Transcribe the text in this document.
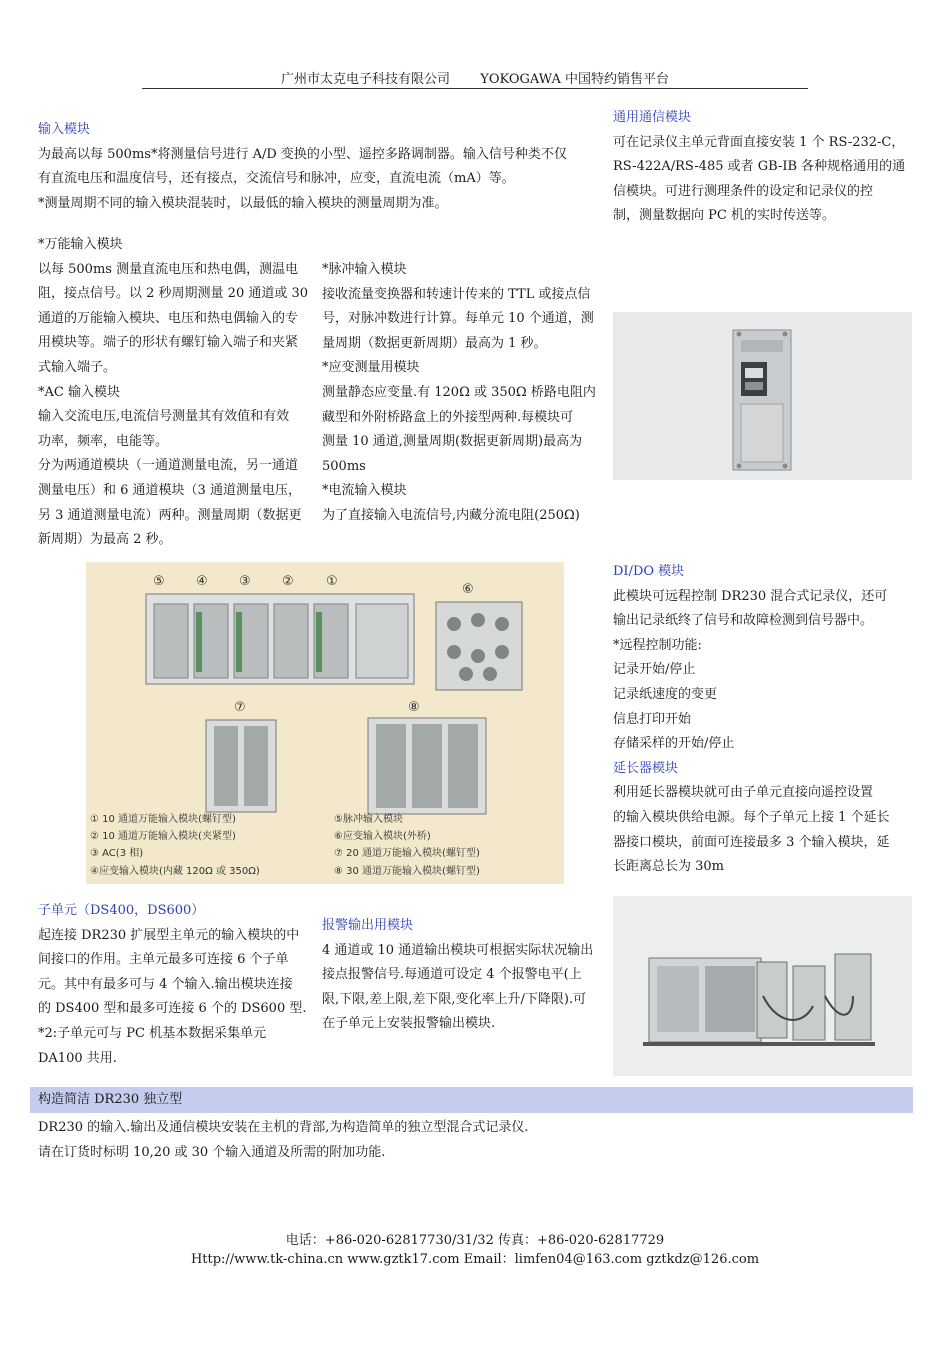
广州市太克电子科技有限公司 YOKOGAWA 中国特约销售平台
输入模块
为最高以每 500ms*将测量信号进行 A/D 变换的小型、遥控多路调制器。输入信号种类不仅
有直流电压和温度信号，还有接点，交流信号和脉冲，应变，直流电流（mA）等。
*测量周期不同的输入模块混装时，以最低的输入模块的测量周期为准。
*万能输入模块
以每 500ms 测量直流电压和热电偶，测温电
阻，接点信号。以 2 秒周期测量 20 通道或 30
通道的万能输入模块、电压和热电偶输入的专
用模块等。端子的形状有螺钉输入端子和夹紧
式输入端子。
*AC 输入模块
输入交流电压,电流信号测量其有效值和有效
功率，频率，电能等。
分为两通道模块（一通道测量电流，另一通道
测量电压）和 6 通道模块（3 通道测量电压，
另 3 通道测量电流）两种。测量周期（数据更
新周期）为最高 2 秒。
*脉冲输入模块
接收流量变换器和转速计传来的 TTL 或接点信
号，对脉冲数进行计算。每单元 10 个通道，测
量周期（数据更新周期）最高为 1 秒。
*应变测量用模块
测量静态应变量.有 120Ω 或 350Ω 桥路电阻内
藏型和外附桥路盒上的外接型两种.每模块可
测量 10 通道,测量周期(数据更新周期)最高为
500ms
*电流输入模块
为了直接输入电流信号,内藏分流电阻(250Ω)
通用通信模块
可在记录仪主单元背面直接安装 1 个 RS-232-C，
RS-422A/RS-485 或者 GB-IB 各种规格通用的通
信模块。可进行测理条件的设定和记录仪的控
制，测量数据向 PC 机的实时传送等。
⑤ ④ ③ ② ①
⑥
⑦	⑧
① 10 通道万能输入模块(螺钉型)
② 10 通道万能输入模块(夹紧型)
③ AC(3 相)
④应变输入模块(内藏 120Ω 或 350Ω)
⑤脉冲输入模块
⑥应变输入模块(外桥)
⑦ 20 通道万能输入模块(螺钉型)
⑧ 30 通道万能输入模块(螺钉型)
DI/DO 模块
此模块可远程控制 DR230 混合式记录仪，还可
输出记录纸终了信号和故障检测到信号器中。
*远程控制功能:
记录开始/停止
记录纸速度的变更
信息打印开始
存储采样的开始/停止
延长器模块
利用延长器模块就可由子单元直接向遥控设置
的输入模块供给电源。每个子单元上接 1 个延长
器接口模块，前面可连接最多 3 个输入模块，延
长距离总长为 30m
子单元（DS400，DS600）
起连接 DR230 扩展型主单元的输入模块的中
间接口的作用。主单元最多可连接 6 个子单
元。其中有最多可与 4 个输入.输出模块连接
的 DS400 型和最多可连接 6 个的 DS600 型.
*2:子单元可与 PC 机基本数据采集单元
DA100 共用.
报警输出用模块
4 通道或 10 通道输出模块可根据实际状况输出
接点报警信号.每通道可设定 4 个报警电平(上
限,下限,差上限,差下限,变化率上升/下降限).可
在子单元上安装报警输出模块.
构造简洁 DR230 独立型
DR230 的输入.输出及通信模块安装在主机的背部,为构造简单的独立型混合式记录仪.
请在订货时标明 10,20 或 30 个输入通道及所需的附加功能.
电话：+86-020-62817730/31/32 传真：+86-020-62817729
Http://www.tk-china.cn www.gztk17.com Email：limfen04@163.com gztkdz@126.com
